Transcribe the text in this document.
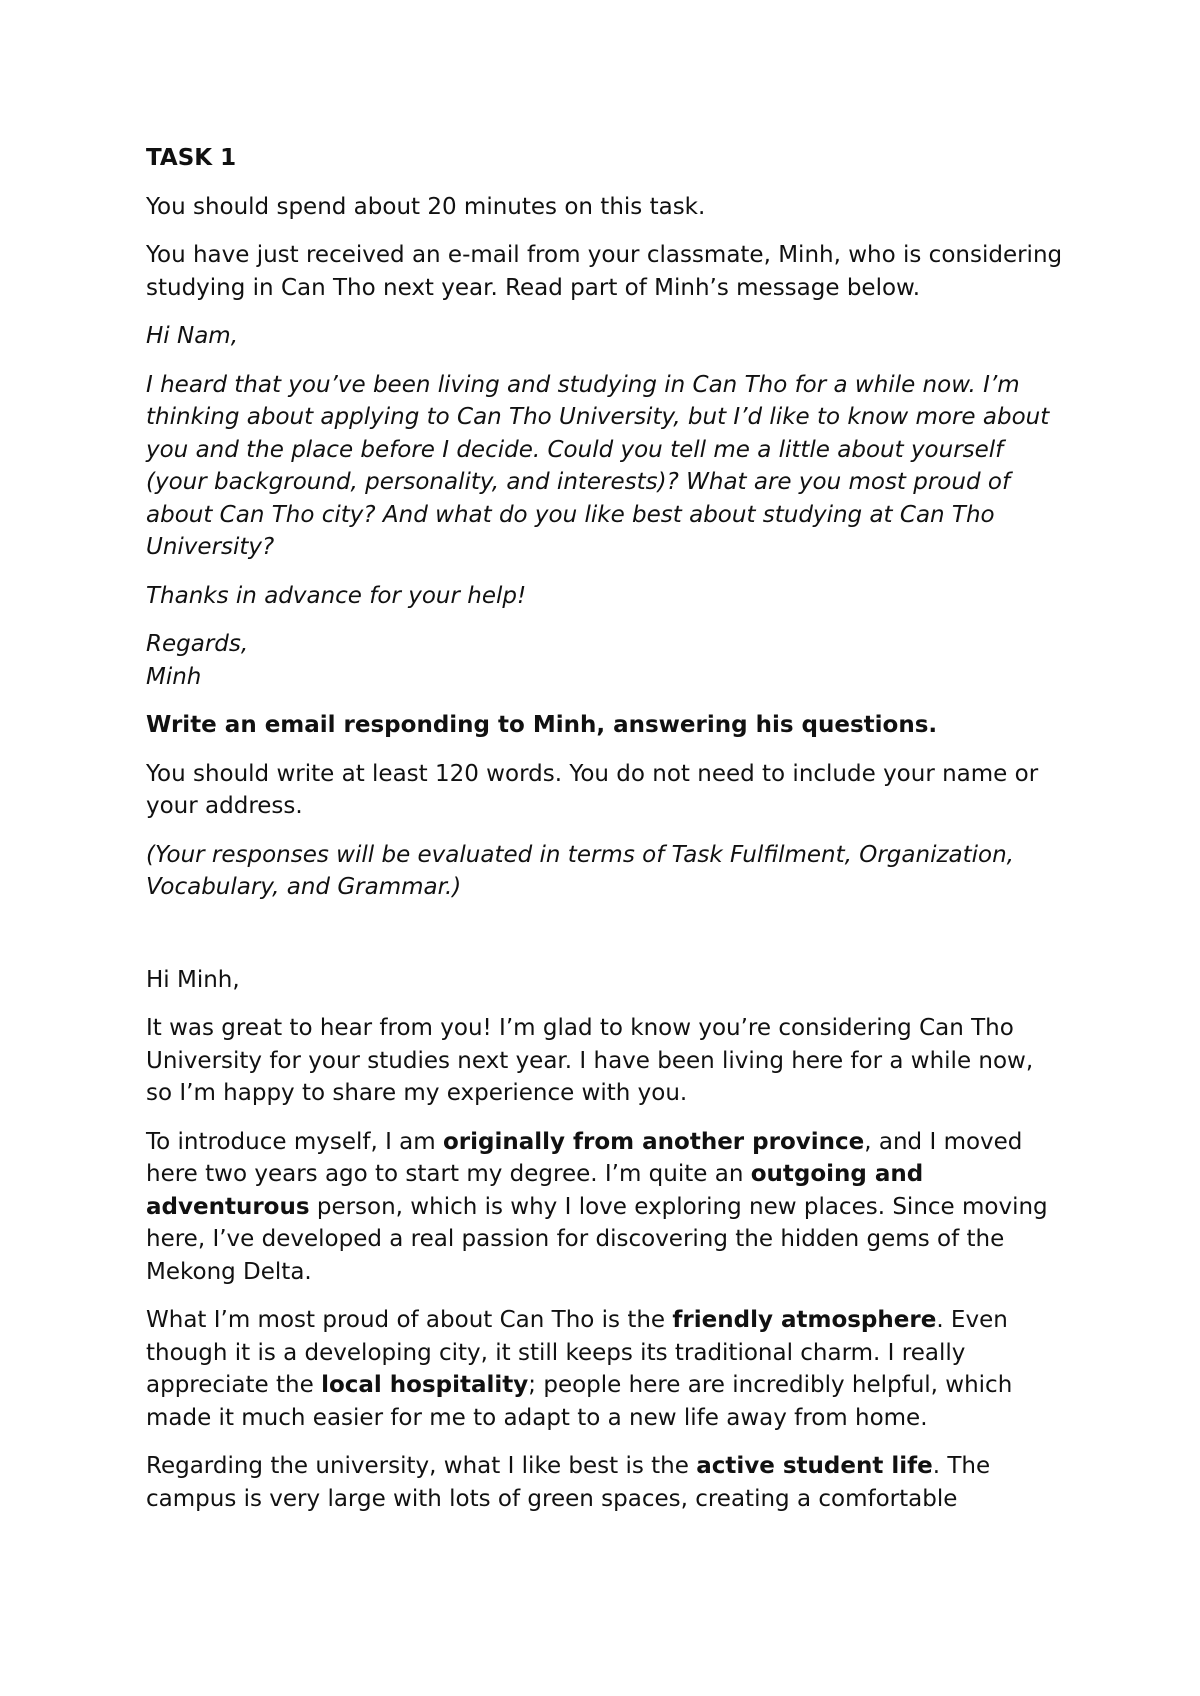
TASK 1

You should spend about 20 minutes on this task.

You have just received an e-mail from your classmate, Minh, who is considering studying in Can Tho next year. Read part of Minh’s message below.

Hi Nam,

I heard that you’ve been living and studying in Can Tho for a while now. I’m thinking about applying to Can Tho University, but I’d like to know more about you and the place before I decide. Could you tell me a little about yourself (your background, personality, and interests)? What are you most proud of about Can Tho city? And what do you like best about studying at Can Tho University?

Thanks in advance for your help!

Regards,
Minh

Write an email responding to Minh, answering his questions.

You should write at least 120 words. You do not need to include your name or your address.

(Your responses will be evaluated in terms of Task Fulfilment, Organization, Vocabulary, and Grammar.)

Hi Minh,

It was great to hear from you! I’m glad to know you’re considering Can Tho University for your studies next year. I have been living here for a while now, so I’m happy to share my experience with you.

To introduce myself, I am originally from another province, and I moved here two years ago to start my degree. I’m quite an outgoing and adventurous person, which is why I love exploring new places. Since moving here, I’ve developed a real passion for discovering the hidden gems of the Mekong Delta.

What I’m most proud of about Can Tho is the friendly atmosphere. Even though it is a developing city, it still keeps its traditional charm. I really appreciate the local hospitality; people here are incredibly helpful, which made it much easier for me to adapt to a new life away from home.

Regarding the university, what I like best is the active student life. The campus is very large with lots of green spaces, creating a comfortable
